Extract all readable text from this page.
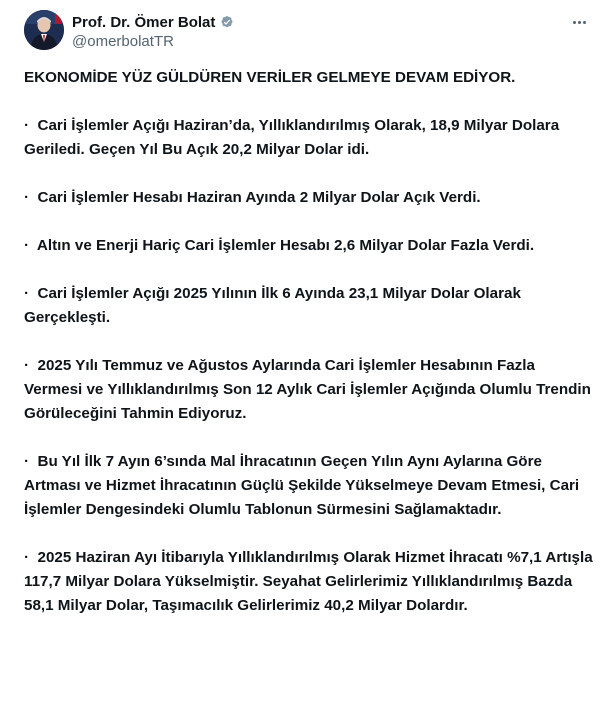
Prof. Dr. Ömer Bolat
@omerbolatTR

EKONOMİDE YÜZ GÜLDÜREN VERİLER GELMEYE DEVAM EDİYOR.

·  Cari İşlemler Açığı Haziran’da, Yıllıklandırılmış Olarak, 18,9 Milyar Dolara Geriledi. Geçen Yıl Bu Açık 20,2 Milyar Dolar idi.

·  Cari İşlemler Hesabı Haziran Ayında 2 Milyar Dolar Açık Verdi.

·  Altın ve Enerji Hariç Cari İşlemler Hesabı 2,6 Milyar Dolar Fazla Verdi.

·  Cari İşlemler Açığı 2025 Yılının İlk 6 Ayında 23,1 Milyar Dolar Olarak Gerçekleşti.

·  2025 Yılı Temmuz ve Ağustos Aylarında Cari İşlemler Hesabının Fazla Vermesi ve Yıllıklandırılmış Son 12 Aylık Cari İşlemler Açığında Olumlu Trendin Görüleceğini Tahmin Ediyoruz.

·  Bu Yıl İlk 7 Ayın 6’sında Mal İhracatının Geçen Yılın Aynı Aylarına Göre Artması ve Hizmet İhracatının Güçlü Şekilde Yükselmeye Devam Etmesi, Cari İşlemler Dengesindeki Olumlu Tablonun Sürmesini Sağlamaktadır.

·  2025 Haziran Ayı İtibarıyla Yıllıklandırılmış Olarak Hizmet İhracatı %7,1 Artışla 117,7 Milyar Dolara Yükselmiştir. Seyahat Gelirlerimiz Yıllıklandırılmış Bazda 58,1 Milyar Dolar, Taşımacılık Gelirlerimiz 40,2 Milyar Dolardır.
